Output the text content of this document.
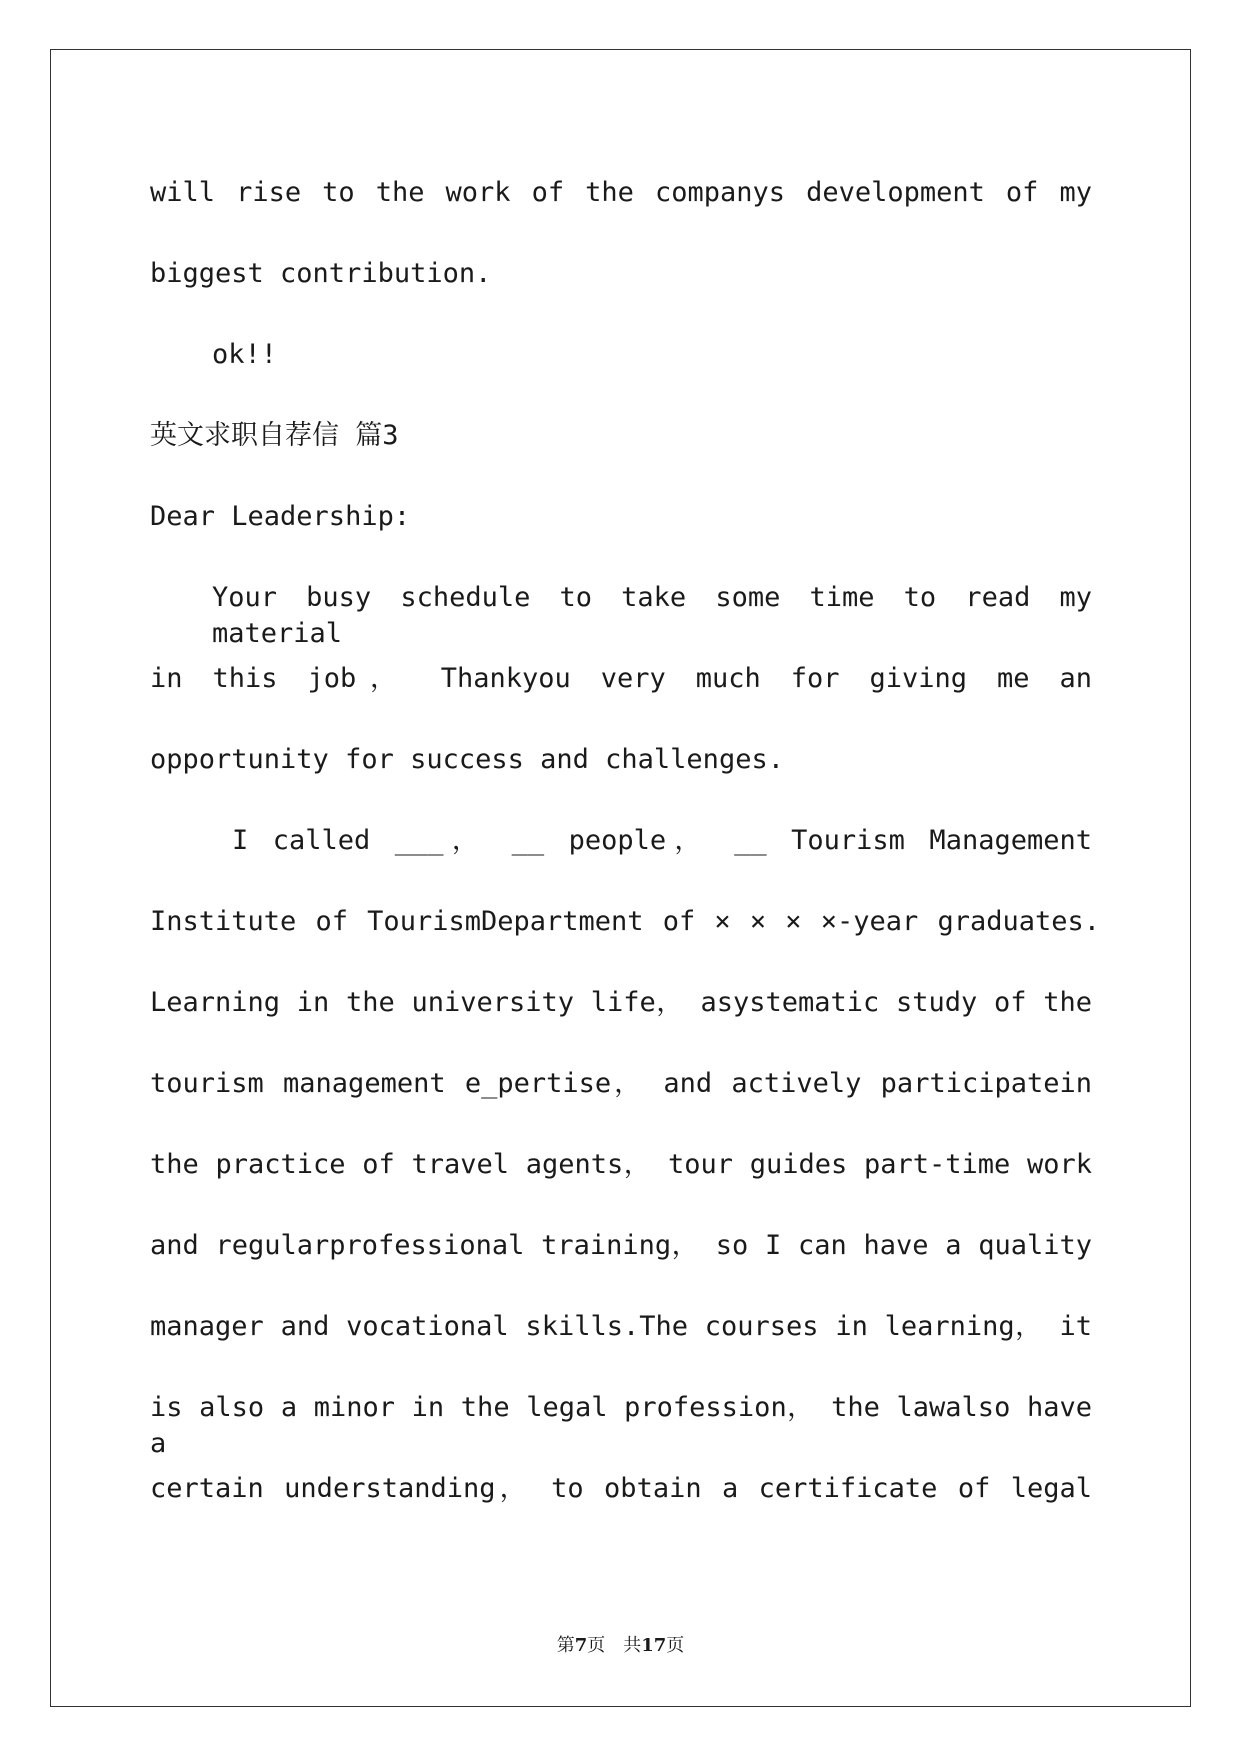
will rise to the work of the companys development of my
biggest contribution.
ok!!
英文求职自荐信 篇3
Dear Leadership:
Your busy schedule to take some time to read my material
in this job， Thankyou very much for giving me an
opportunity for success and challenges.
I called ___， __ people， __ Tourism Management
Institute of TourismDepartment of × × × ×-year graduates.
Learning in the university life， asystematic study of the
tourism management e_pertise， and actively participatein
the practice of travel agents， tour guides part-time work
and regularprofessional training， so I can have a quality
manager and vocational skills.The courses in learning， it
is also a minor in the legal profession， the lawalso have a
certain understanding， to obtain a certificate of legal
第7页　共17页
